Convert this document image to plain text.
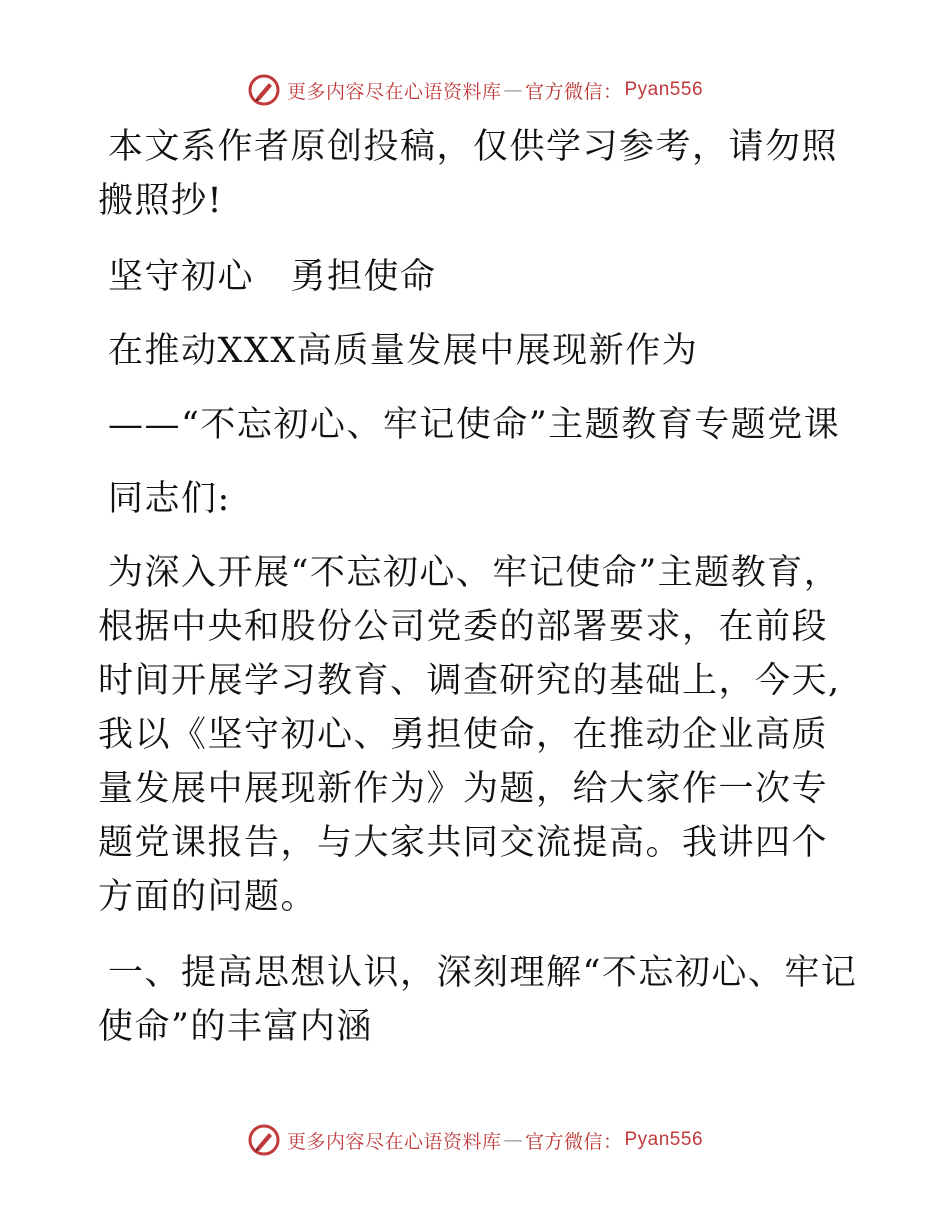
更多内容尽在心语资料库 — 官方微信： Pyan556

本文系作者原创投稿，仅供学习参考，请勿照搬照抄!

坚守初心　勇担使命

在推动XXX高质量发展中展现新作为

——“不忘初心、牢记使命”主题教育专题党课

同志们:

为深入开展“不忘初心、牢记使命”主题教育，根据中央和股份公司党委的部署要求，在前段时间开展学习教育、调查研究的基础上，今天,我以《坚守初心、勇担使命，在推动企业高质量发展中展现新作为》为题，给大家作一次专题党课报告，与大家共同交流提高。我讲四个方面的问题。

一、提高思想认识，深刻理解“不忘初心、牢记使命”的丰富内涵

更多内容尽在心语资料库 — 官方微信： Pyan556
